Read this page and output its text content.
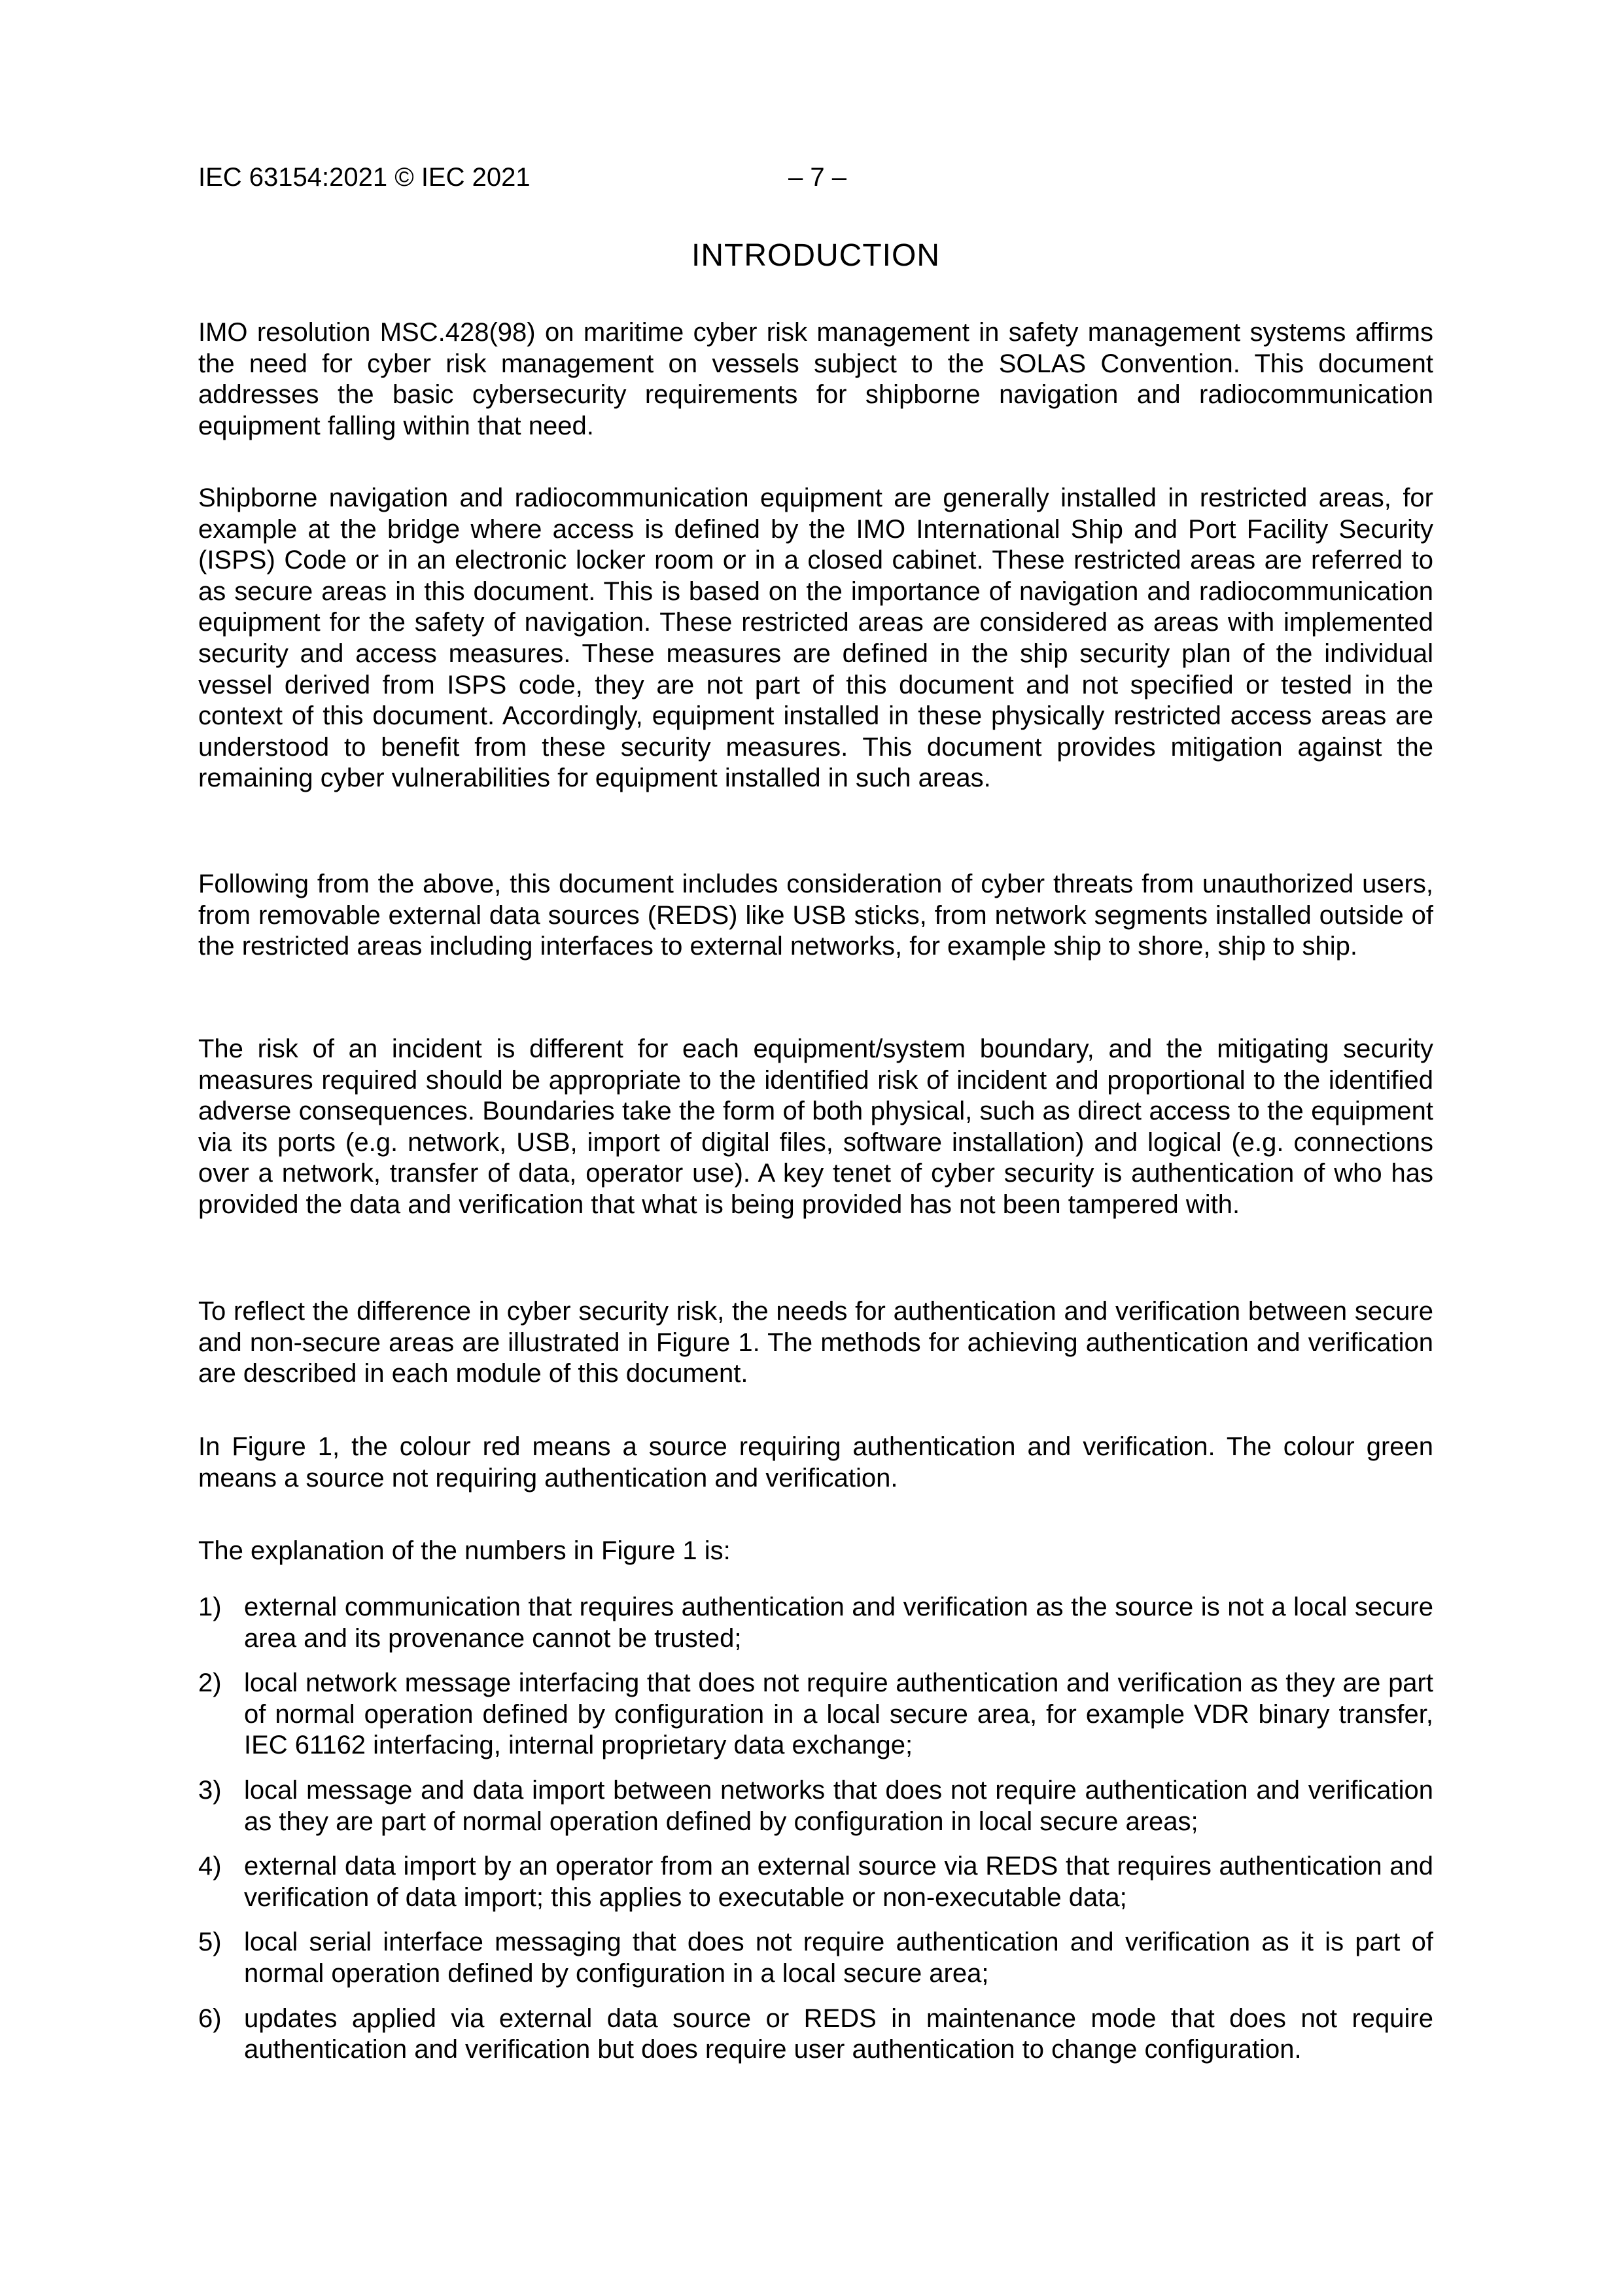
IEC 63154:2021 © IEC 2021	– 7 –
INTRODUCTION

IMO resolution MSC.428(98) on maritime cyber risk management in safety management systems affirms the need for cyber risk management on vessels subject to the SOLAS Convention. This document addresses the basic cybersecurity requirements for shipborne navigation and radiocommunication equipment falling within that need.

Shipborne navigation and radiocommunication equipment are generally installed in restricted areas, for example at the bridge where access is defined by the IMO International Ship and Port Facility Security (ISPS) Code or in an electronic locker room or in a closed cabinet. These restricted areas are referred to as secure areas in this document. This is based on the importance of navigation and radiocommunication equipment for the safety of navigation. These restricted areas are considered as areas with implemented security and access measures. These measures are defined in the ship security plan of the individual vessel derived from ISPS code, they are not part of this document and not specified or tested in the context of this document. Accordingly, equipment installed in these physically restricted access areas are understood to benefit from these security measures. This document provides mitigation against the remaining cyber vulnerabilities for equipment installed in such areas.

Following from the above, this document includes consideration of cyber threats from unauthorized users, from removable external data sources (REDS) like USB sticks, from network segments installed outside of the restricted areas including interfaces to external networks, for example ship to shore, ship to ship.

The risk of an incident is different for each equipment/system boundary, and the mitigating security measures required should be appropriate to the identified risk of incident and proportional to the identified adverse consequences. Boundaries take the form of both physical, such as direct access to the equipment via its ports (e.g. network, USB, import of digital files, software installation) and logical (e.g. connections over a network, transfer of data, operator use). A key tenet of cyber security is authentication of who has provided the data and verification that what is being provided has not been tampered with.

To reflect the difference in cyber security risk, the needs for authentication and verification between secure and non-secure areas are illustrated in Figure 1. The methods for achieving authentication and verification are described in each module of this document.

In Figure 1, the colour red means a source requiring authentication and verification. The colour green means a source not requiring authentication and verification.

The explanation of the numbers in Figure 1 is:

1) external communication that requires authentication and verification as the source is not a local secure area and its provenance cannot be trusted;
2) local network message interfacing that does not require authentication and verification as they are part of normal operation defined by configuration in a local secure area, for example VDR binary transfer, IEC 61162 interfacing, internal proprietary data exchange;
3) local message and data import between networks that does not require authentication and verification as they are part of normal operation defined by configuration in local secure areas;
4) external data import by an operator from an external source via REDS that requires authentication and verification of data import; this applies to executable or non-executable data;
5) local serial interface messaging that does not require authentication and verification as it is part of normal operation defined by configuration in a local secure area;
6) updates applied via external data source or REDS in maintenance mode that does not require authentication and verification but does require user authentication to change configuration.
